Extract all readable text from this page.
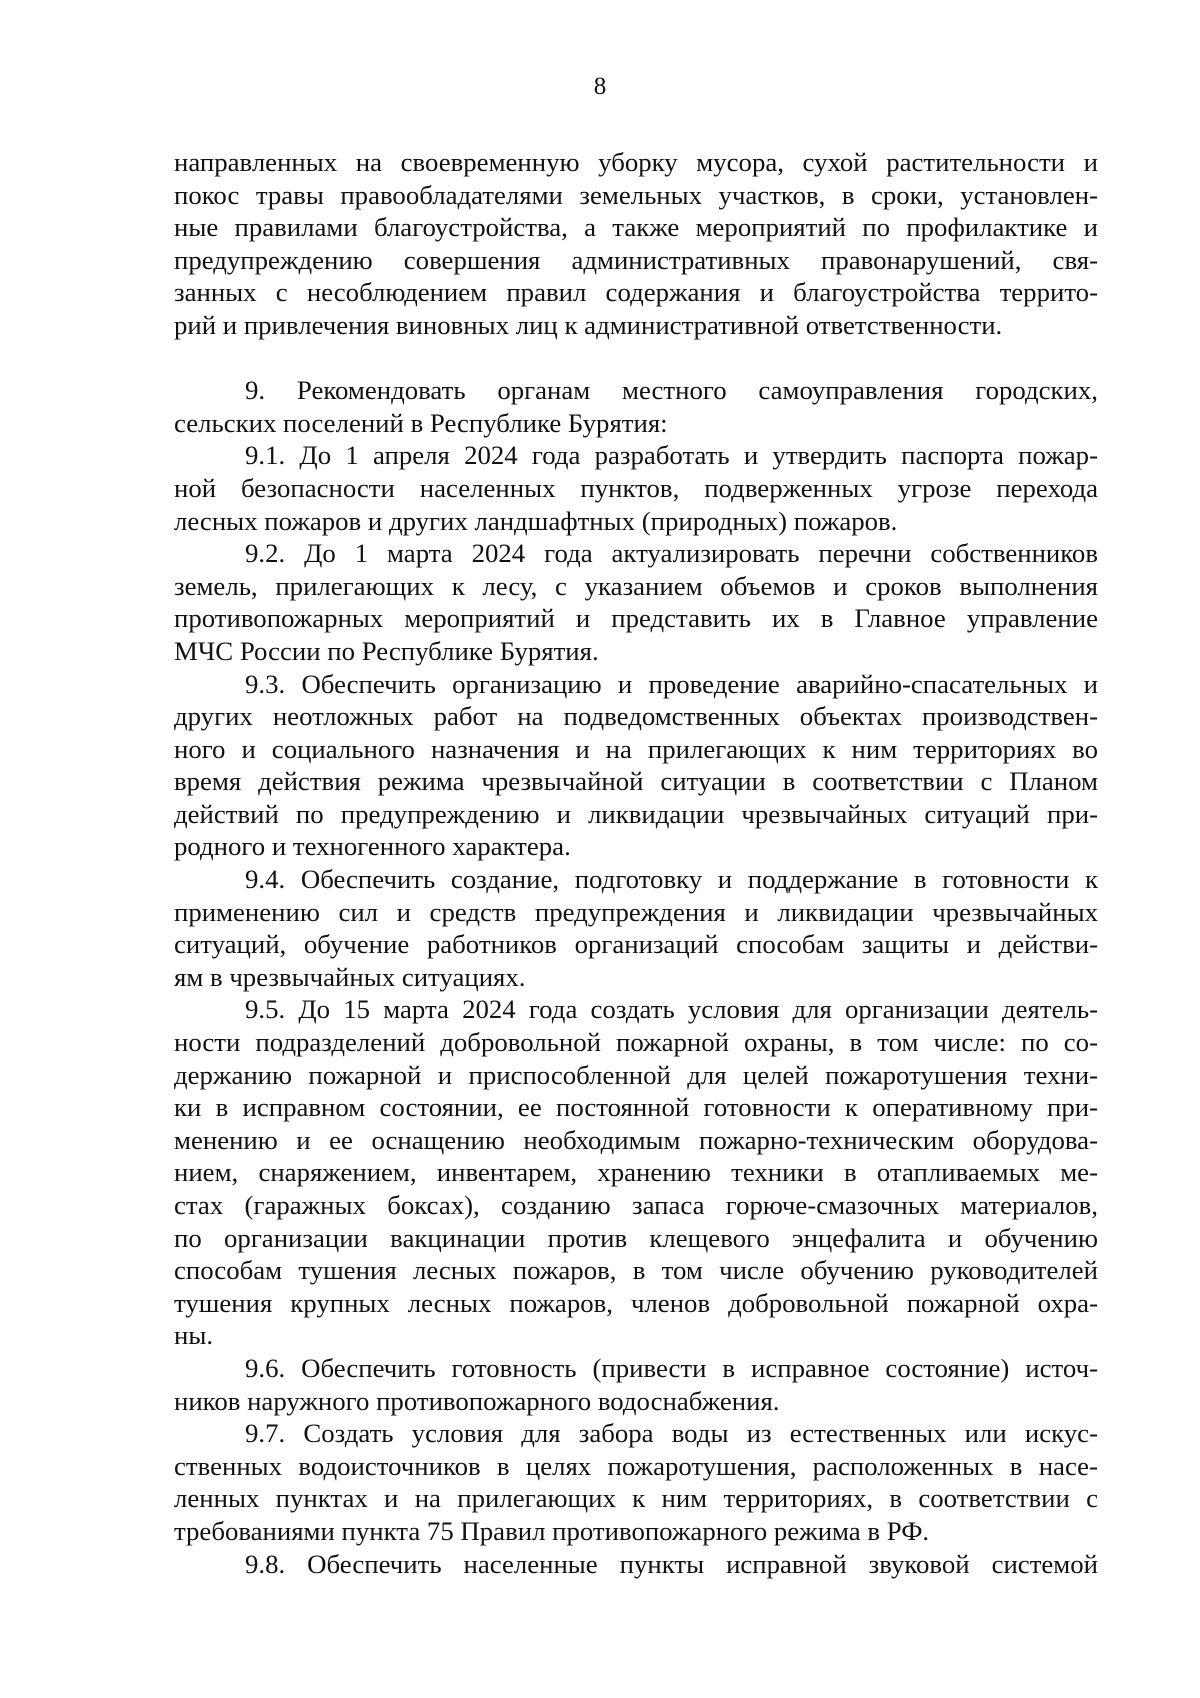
8
направленных на своевременную уборку мусора, сухой растительности и
покос травы правообладателями земельных участков, в сроки, установлен-
ные правилами благоустройства, а также мероприятий по профилактике и
предупреждению совершения административных правонарушений, свя-
занных с несоблюдением правил содержания и благоустройства террито-
рий и привлечения виновных лиц к административной ответственности.
9. Рекомендовать органам местного самоуправления городских,
сельских поселений в Республике Бурятия:
9.1. До 1 апреля 2024 года разработать и утвердить паспорта пожар-
ной безопасности населенных пунктов, подверженных угрозе перехода
лесных пожаров и других ландшафтных (природных) пожаров.
9.2. До 1 марта 2024 года актуализировать перечни собственников
земель, прилегающих к лесу, с указанием объемов и сроков выполнения
противопожарных мероприятий и представить их в Главное управление
МЧС России по Республике Бурятия.
9.3. Обеспечить организацию и проведение аварийно-спасательных и
других неотложных работ на подведомственных объектах производствен-
ного и социального назначения и на прилегающих к ним территориях во
время действия режима чрезвычайной ситуации в соответствии с Планом
действий по предупреждению и ликвидации чрезвычайных ситуаций при-
родного и техногенного характера.
9.4. Обеспечить создание, подготовку и поддержание в готовности к
применению сил и средств предупреждения и ликвидации чрезвычайных
ситуаций, обучение работников организаций способам защиты и действи-
ям в чрезвычайных ситуациях.
9.5. До 15 марта 2024 года создать условия для организации деятель-
ности подразделений добровольной пожарной охраны, в том числе: по со-
держанию пожарной и приспособленной для целей пожаротушения техни-
ки в исправном состоянии, ее постоянной готовности к оперативному при-
менению и ее оснащению необходимым пожарно-техническим оборудова-
нием, снаряжением, инвентарем, хранению техники в отапливаемых ме-
стах (гаражных боксах), созданию запаса горюче-смазочных материалов,
по организации вакцинации против клещевого энцефалита и обучению
способам тушения лесных пожаров, в том числе обучению руководителей
тушения крупных лесных пожаров, членов добровольной пожарной охра-
ны.
9.6. Обеспечить готовность (привести в исправное состояние) источ-
ников наружного противопожарного водоснабжения.
9.7. Создать условия для забора воды из естественных или искус-
ственных водоисточников в целях пожаротушения, расположенных в насе-
ленных пунктах и на прилегающих к ним территориях, в соответствии с
требованиями пункта 75 Правил противопожарного режима в РФ.
9.8. Обеспечить населенные пункты исправной звуковой системой
